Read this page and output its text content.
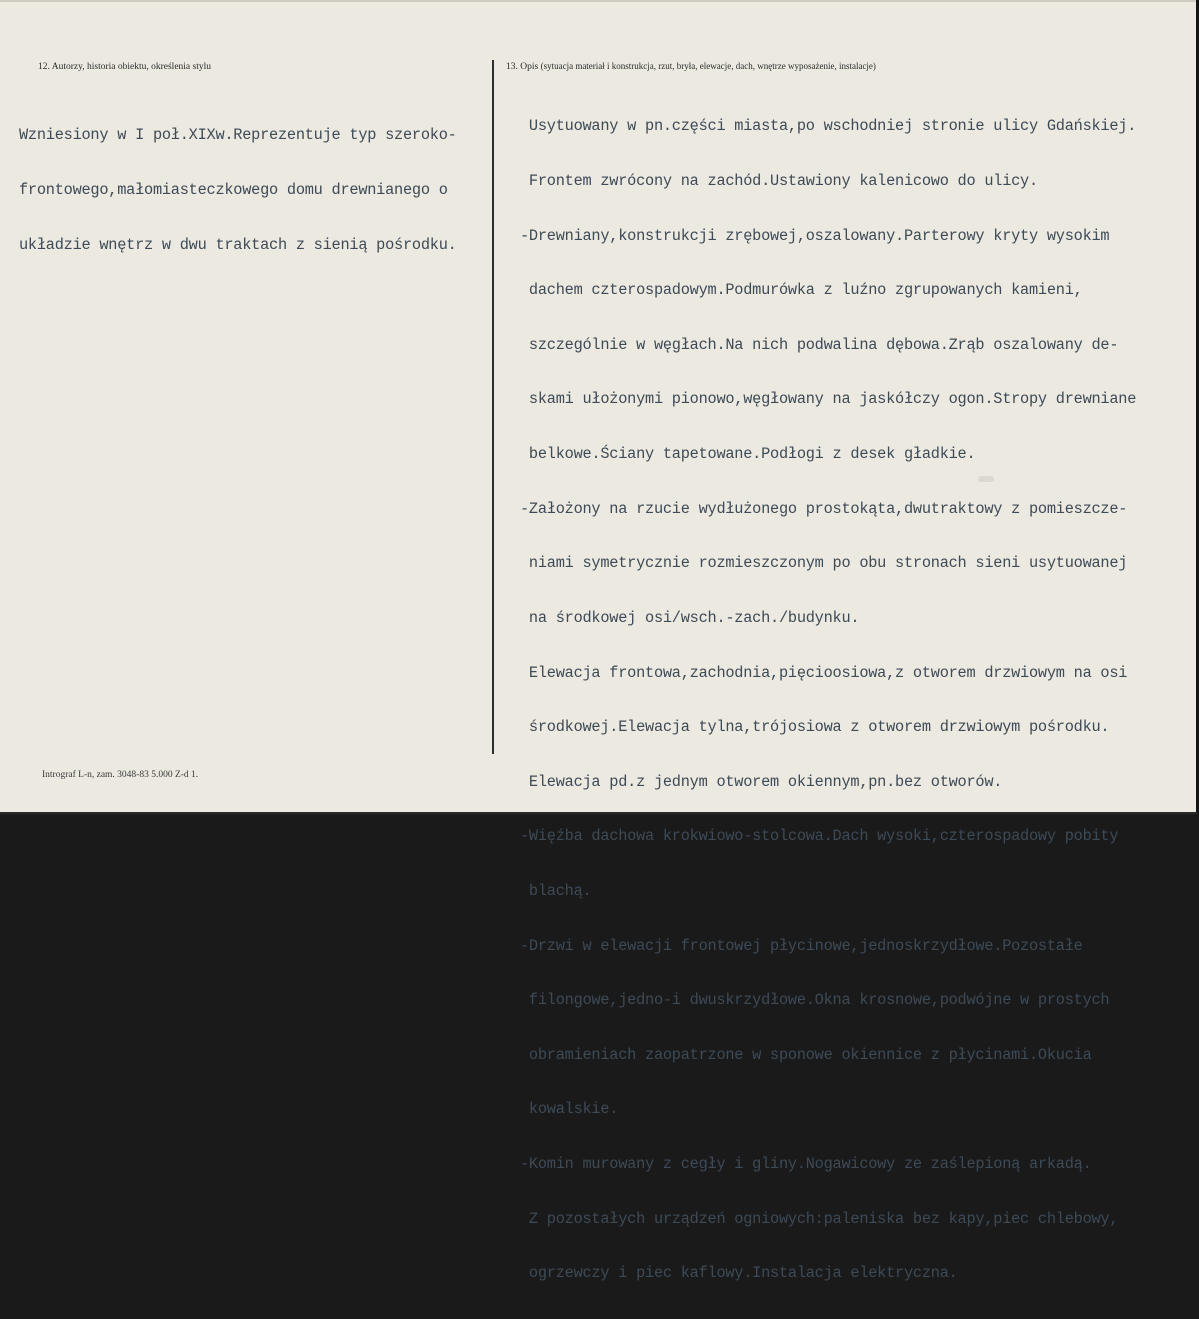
12. Autorzy, historia obiektu, określenia stylu

Wzniesiony w I poł.XIXw.Reprezentuje typ szeroko-

frontowego,małomiasteczkowego domu drewnianego o

układzie wnętrz w dwu traktach z sienią pośrodku.

13. Opis (sytuacja materiał i konstrukcja, rzut, bryła, elewacje, dach, wnętrze wyposażenie, instalacje)

Usytuowany w pn.części miasta,po wschodniej stronie ulicy Gdańskiej.

Frontem zwrócony na zachód.Ustawiony kalenicowo do ulicy.

-Drewniany,konstrukcji zrębowej,oszalowany.Parterowy kryty wysokim

dachem czterospadowym.Podmurówka z luźno zgrupowanych kamieni,

szczególnie w węgłach.Na nich podwalina dębowa.Zrąb oszalowany de-

skami ułożonymi pionowo,węgłowany na jaskółczy ogon.Stropy drewniane

belkowe.Ściany tapetowane.Podłogi z desek gładkie.

-Założony na rzucie wydłużonego prostokąta,dwutraktowy z pomieszcze-

niami symetrycznie rozmieszczonym po obu stronach sieni usytuowanej

na środkowej osi/wsch.-zach./budynku.

Elewacja frontowa,zachodnia,pięcioosiowa,z otworem drzwiowym na osi

środkowej.Elewacja tylna,trójosiowa z otworem drzwiowym pośrodku.

Elewacja pd.z jednym otworem okiennym,pn.bez otworów.

-Więźba dachowa krokwiowo-stolcowa.Dach wysoki,czterospadowy pobity

blachą.

-Drzwi w elewacji frontowej płycinowe,jednoskrzydłowe.Pozostałe

filongowe,jedno-i dwuskrzydłowe.Okna krosnowe,podwójne w prostych

obramieniach zaopatrzone w sponowe okiennice z płycinami.Okucia

kowalskie.

-Komin murowany z cegły i gliny.Nogawicowy ze zaślepioną arkadą.

Z pozostałych urządzeń ogniowych:paleniska bez kapy,piec chlebowy,

ogrzewczy i piec kaflowy.Instalacja elektryczna.

Intrograf L-n, zam. 3048-83 5.000 Z-d 1.
